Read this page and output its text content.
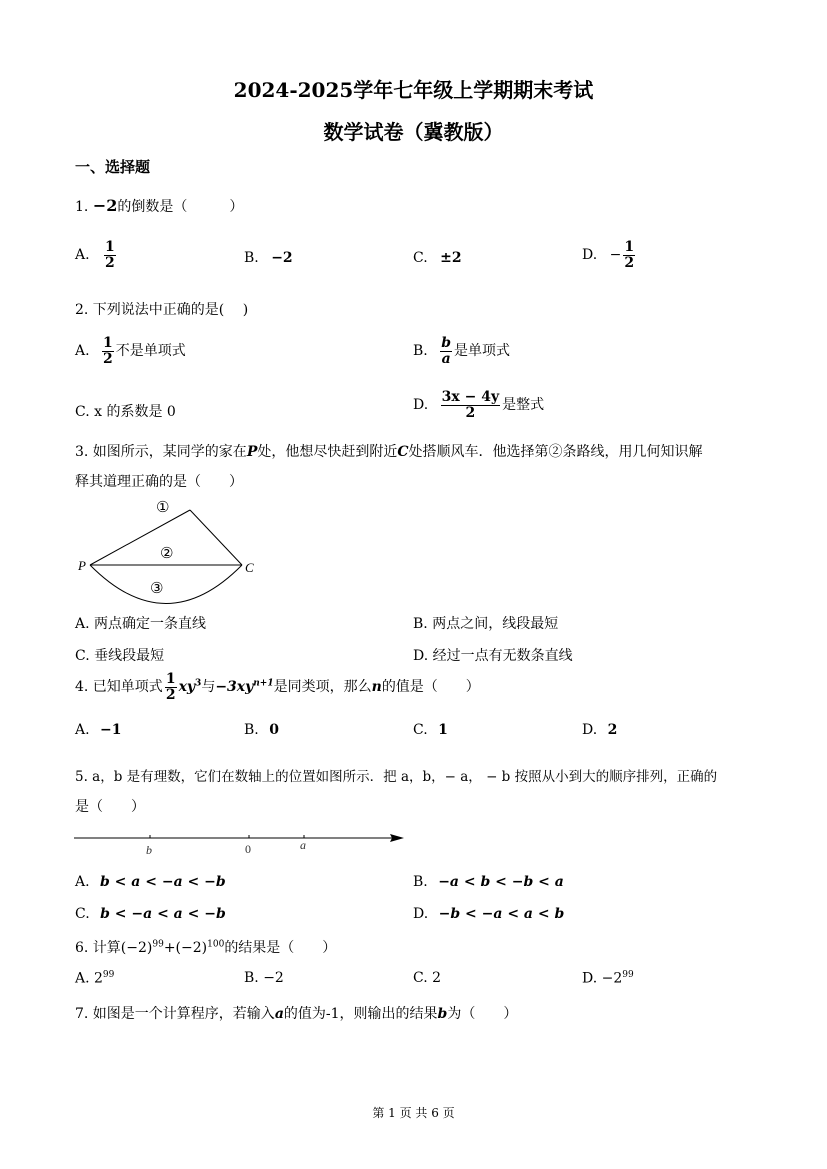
2024-2025学年七年级上学期期末考试
数学试卷（冀教版）
一、选择题
1. −2的倒数是（　　　）
A. $\frac{1}{2}$	B. −2	C. ±2	D. − $\frac{1}{2}$
2. 下列说法中正确的是(　 )
A. $\frac{1}{2}$ 不是单项式	B. $\frac{b}{a}$ 是单项式
C. x 的系数是 0	D. $\frac{3x - 4y}{2}$ 是整式
3. 如图所示，某同学的家在P处，他想尽快赶到附近C处搭顺风车．他选择第②条路线，用几何知识解
释其道理正确的是（　　）
P	C
①
②
③
A. 两点确定一条直线	B. 两点之间，线段最短
C. 垂线段最短	D. 经过一点有无数条直线
4. 已知单项式 $\frac{1}{2} xy^3$与$-3xy^{n+1}$是同类项，那么n的值是（　　）
A. −1	B. 0	C. 1	D. 2
5. a，b 是有理数，它们在数轴上的位置如图所示．把 a，b，− a， − b 按照从小到大的顺序排列，正确的
是（　　）
b	0	a
A. b < a < −a < −b	B. −a < b < −b < a
C. b < −a < a < −b	D. −b < −a < a < b
6. 计算$(-2)^{99}+(-2)^{100}$的结果是（　　）
A. $2^{99}$	B. −2	C. 2	D. $-2^{99}$
7. 如图是一个计算程序，若输入a的值为-1，则输出的结果b为（　　）
第 1 页 共 6 页
